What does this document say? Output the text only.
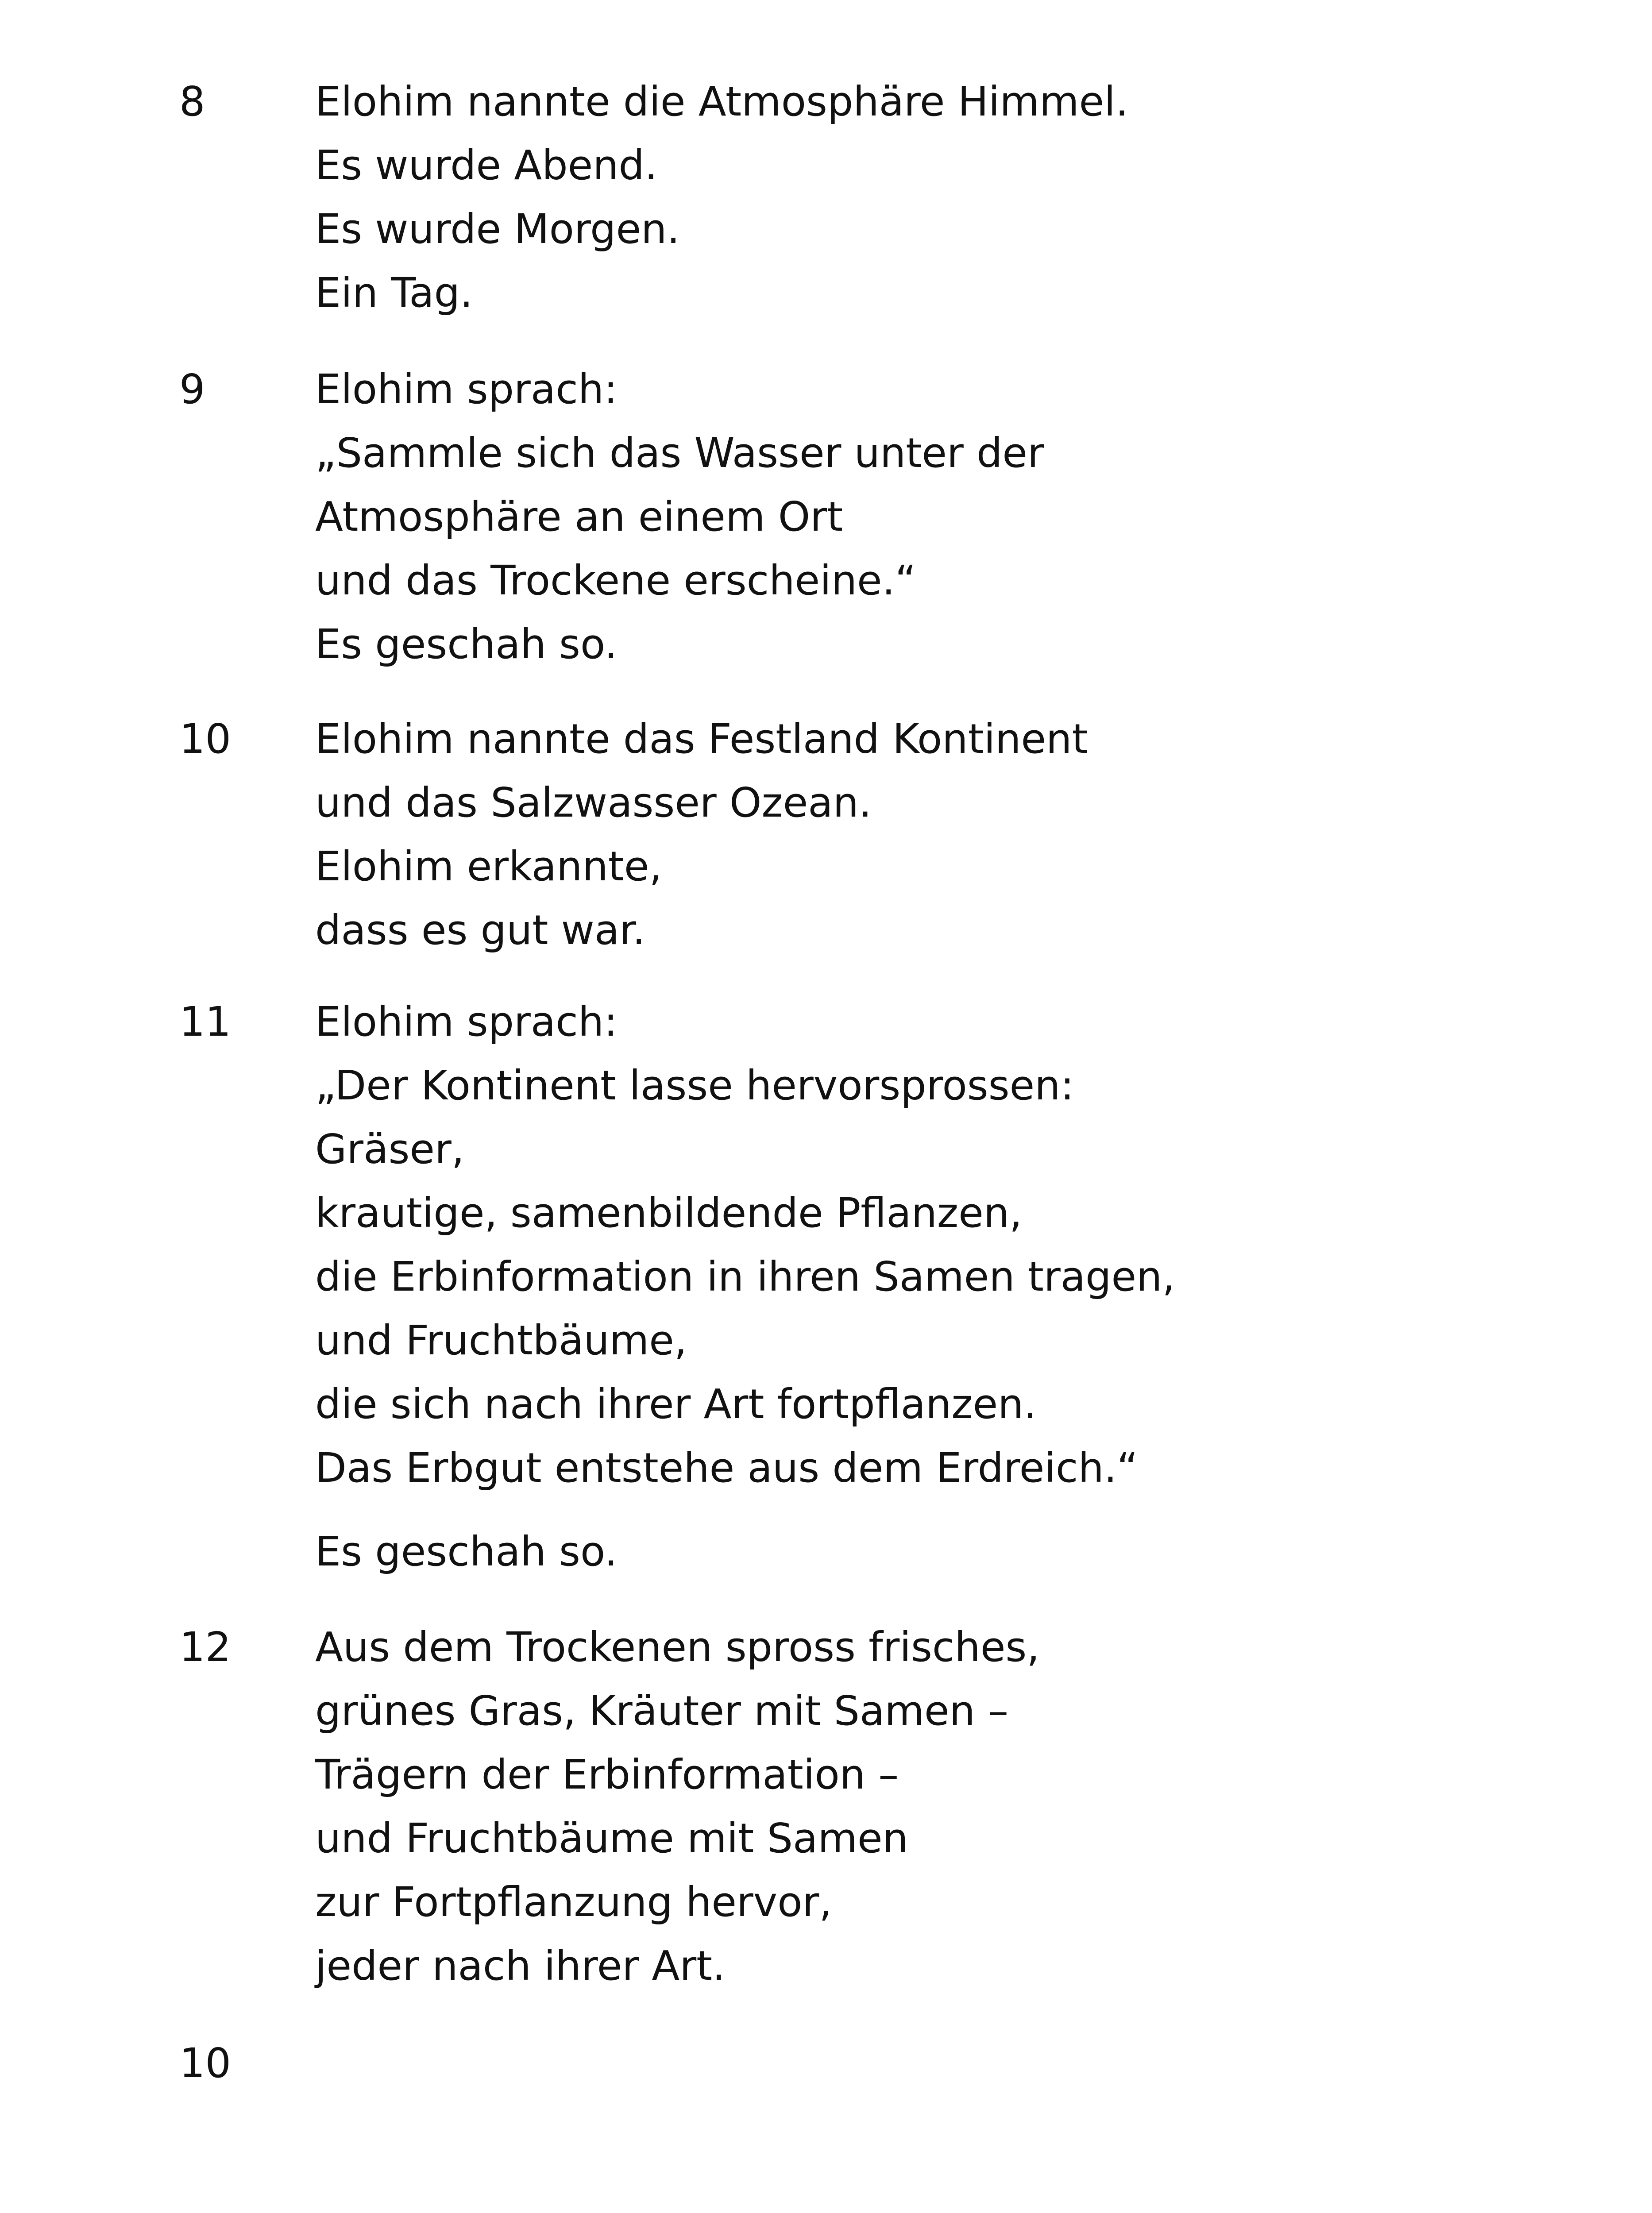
8	Elohim nannte die Atmosphäre Himmel.
Es wurde Abend.
Es wurde Morgen.
Ein Tag.
9	Elohim sprach:
„Sammle sich das Wasser unter der
Atmosphäre an einem Ort
und das Trockene erscheine.“
Es geschah so.
10 Elohim nannte das Festland Kontinent
und das Salzwasser Ozean.
Elohim erkannte,
dass es gut war.
11 Elohim sprach:
„Der Kontinent lasse hervorsprossen:
Gräser,
krautige, samenbildende Pflanzen,
die Erbinformation in ihren Samen tragen,
und Fruchtbäume,
die sich nach ihrer Art fortpflanzen.
Das Erbgut entstehe aus dem Erdreich.“
Es geschah so.
12 Aus dem Trockenen spross frisches,
grünes Gras, Kräuter mit Samen –
Trägern der Erbinformation –
und Fruchtbäume mit Samen
zur Fortpflanzung hervor,
jeder nach ihrer Art.
10
